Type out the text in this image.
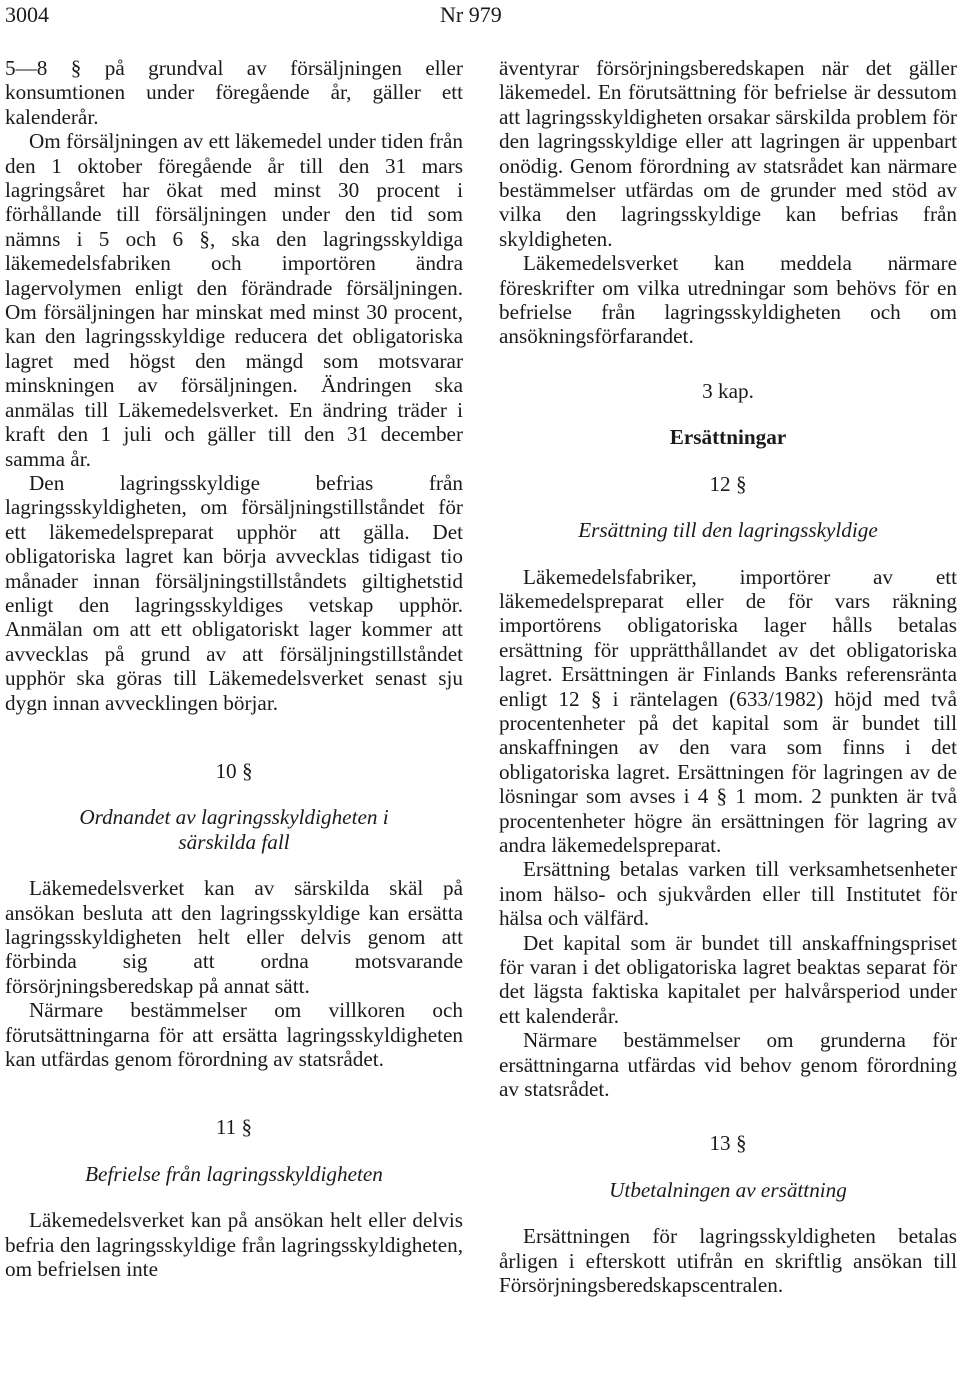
3004	Nr 979

5—8 § på grundval av försäljningen eller konsumtionen under föregående år, gäller ett kalenderår.

Om försäljningen av ett läkemedel under tiden från den 1 oktober föregående år till den 31 mars lagringsåret har ökat med minst 30 procent i förhållande till försäljningen under den tid som nämns i 5 och 6 §, ska den lagringsskyldiga läkemedelsfabriken och importören ändra lagervolymen enligt den förändrade försäljningen. Om försäljningen har minskat med minst 30 procent, kan den lagringsskyldige reducera det obligatoriska lagret med högst den mängd som motsvarar minskningen av försäljningen. Ändringen ska anmälas till Läkemedelsverket. En ändring träder i kraft den 1 juli och gäller till den 31 december samma år.

Den lagringsskyldige befrias från lagringsskyldigheten, om försäljningstillståndet för ett läkemedelspreparat upphör att gälla. Det obligatoriska lagret kan börja avvecklas tidigast tio månader innan försäljningstillståndets giltighetstid enligt den lagringsskyldiges vetskap upphör. Anmälan om att ett obligatoriskt lager kommer att avvecklas på grund av att försäljningstillståndet upphör ska göras till Läkemedelsverket senast sju dygn innan avvecklingen börjar.

10 §
Ordnandet av lagringsskyldigheten i särskilda fall

Läkemedelsverket kan av särskilda skäl på ansökan besluta att den lagringsskyldige kan ersätta lagringsskyldigheten helt eller delvis genom att förbinda sig att ordna motsvarande försörjningsberedskap på annat sätt.

Närmare bestämmelser om villkoren och förutsättningarna för att ersätta lagringsskyldigheten kan utfärdas genom förordning av statsrådet.

11 §
Befrielse från lagringsskyldigheten

Läkemedelsverket kan på ansökan helt eller delvis befria den lagringsskyldige från lagringsskyldigheten, om befrielsen inte

äventyrar försörjningsberedskapen när det gäller läkemedel. En förutsättning för befrielse är dessutom att lagringsskyldigheten orsakar särskilda problem för den lagringsskyldige eller att lagringen är uppenbart onödig. Genom förordning av statsrådet kan närmare bestämmelser utfärdas om de grunder med stöd av vilka den lagringsskyldige kan befrias från skyldigheten.

Läkemedelsverket kan meddela närmare föreskrifter om vilka utredningar som behövs för en befrielse från lagringsskyldigheten och om ansökningsförfarandet.

3 kap.
Ersättningar
12 §
Ersättning till den lagringsskyldige

Läkemedelsfabriker, importörer av ett läkemedelspreparat eller de för vars räkning importörens obligatoriska lager hålls betalas ersättning för upprätthållandet av det obligatoriska lagret. Ersättningen är Finlands Banks referensränta enligt 12 § i räntelagen (633/1982) höjd med två procentenheter på det kapital som är bundet till anskaffningen av den vara som finns i det obligatoriska lagret. Ersättningen för lagringen av de lösningar som avses i 4 § 1 mom. 2 punkten är två procentenheter högre än ersättningen för lagring av andra läkemedelspreparat.

Ersättning betalas varken till verksamhetsenheter inom hälso- och sjukvården eller till Institutet för hälsa och välfärd.

Det kapital som är bundet till anskaffningspriset för varan i det obligatoriska lagret beaktas separat för det lägsta faktiska kapitalet per halvårsperiod under ett kalenderår.

Närmare bestämmelser om grunderna för ersättningarna utfärdas vid behov genom förordning av statsrådet.

13 §
Utbetalningen av ersättning

Ersättningen för lagringsskyldigheten betalas årligen i efterskott utifrån en skriftlig ansökan till Försörjningsberedskapscentralen.
